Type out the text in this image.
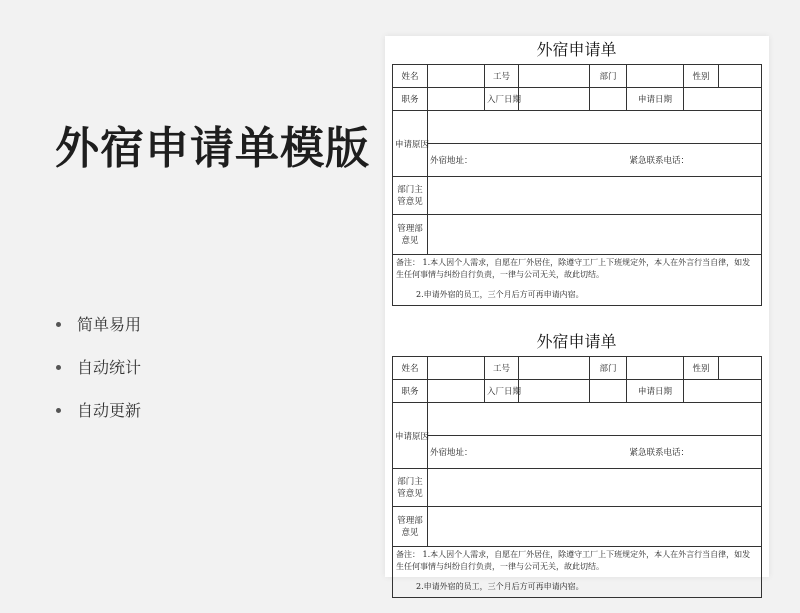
外宿申请单模版
简单易用
自动统计
自动更新
外宿申请单
姓名		工号		部门		性别	
职务		入厂日期			申请日期		
申请原因							

	外宿地址： 紧急联系电话：						

部门主管意见							
管理部意见							
备注： 1.本人因个人需求，自愿在厂外居住，除遵守工厂上下班规定外，本人在外言行当自律，如发生任何事情与纠纷自行负责，一律与公司无关，故此切结。
2.申请外宿的员工，三个月后方可再申请内宿。							
外宿申请单
姓名		工号		部门		性别	
职务		入厂日期			申请日期		
申请原因							

	外宿地址： 紧急联系电话：						

部门主管意见							
管理部意见							
备注： 1.本人因个人需求，自愿在厂外居住，除遵守工厂上下班规定外，本人在外言行当自律，如发生任何事情与纠纷自行负责，一律与公司无关，故此切结。
2.申请外宿的员工，三个月后方可再申请内宿。							
